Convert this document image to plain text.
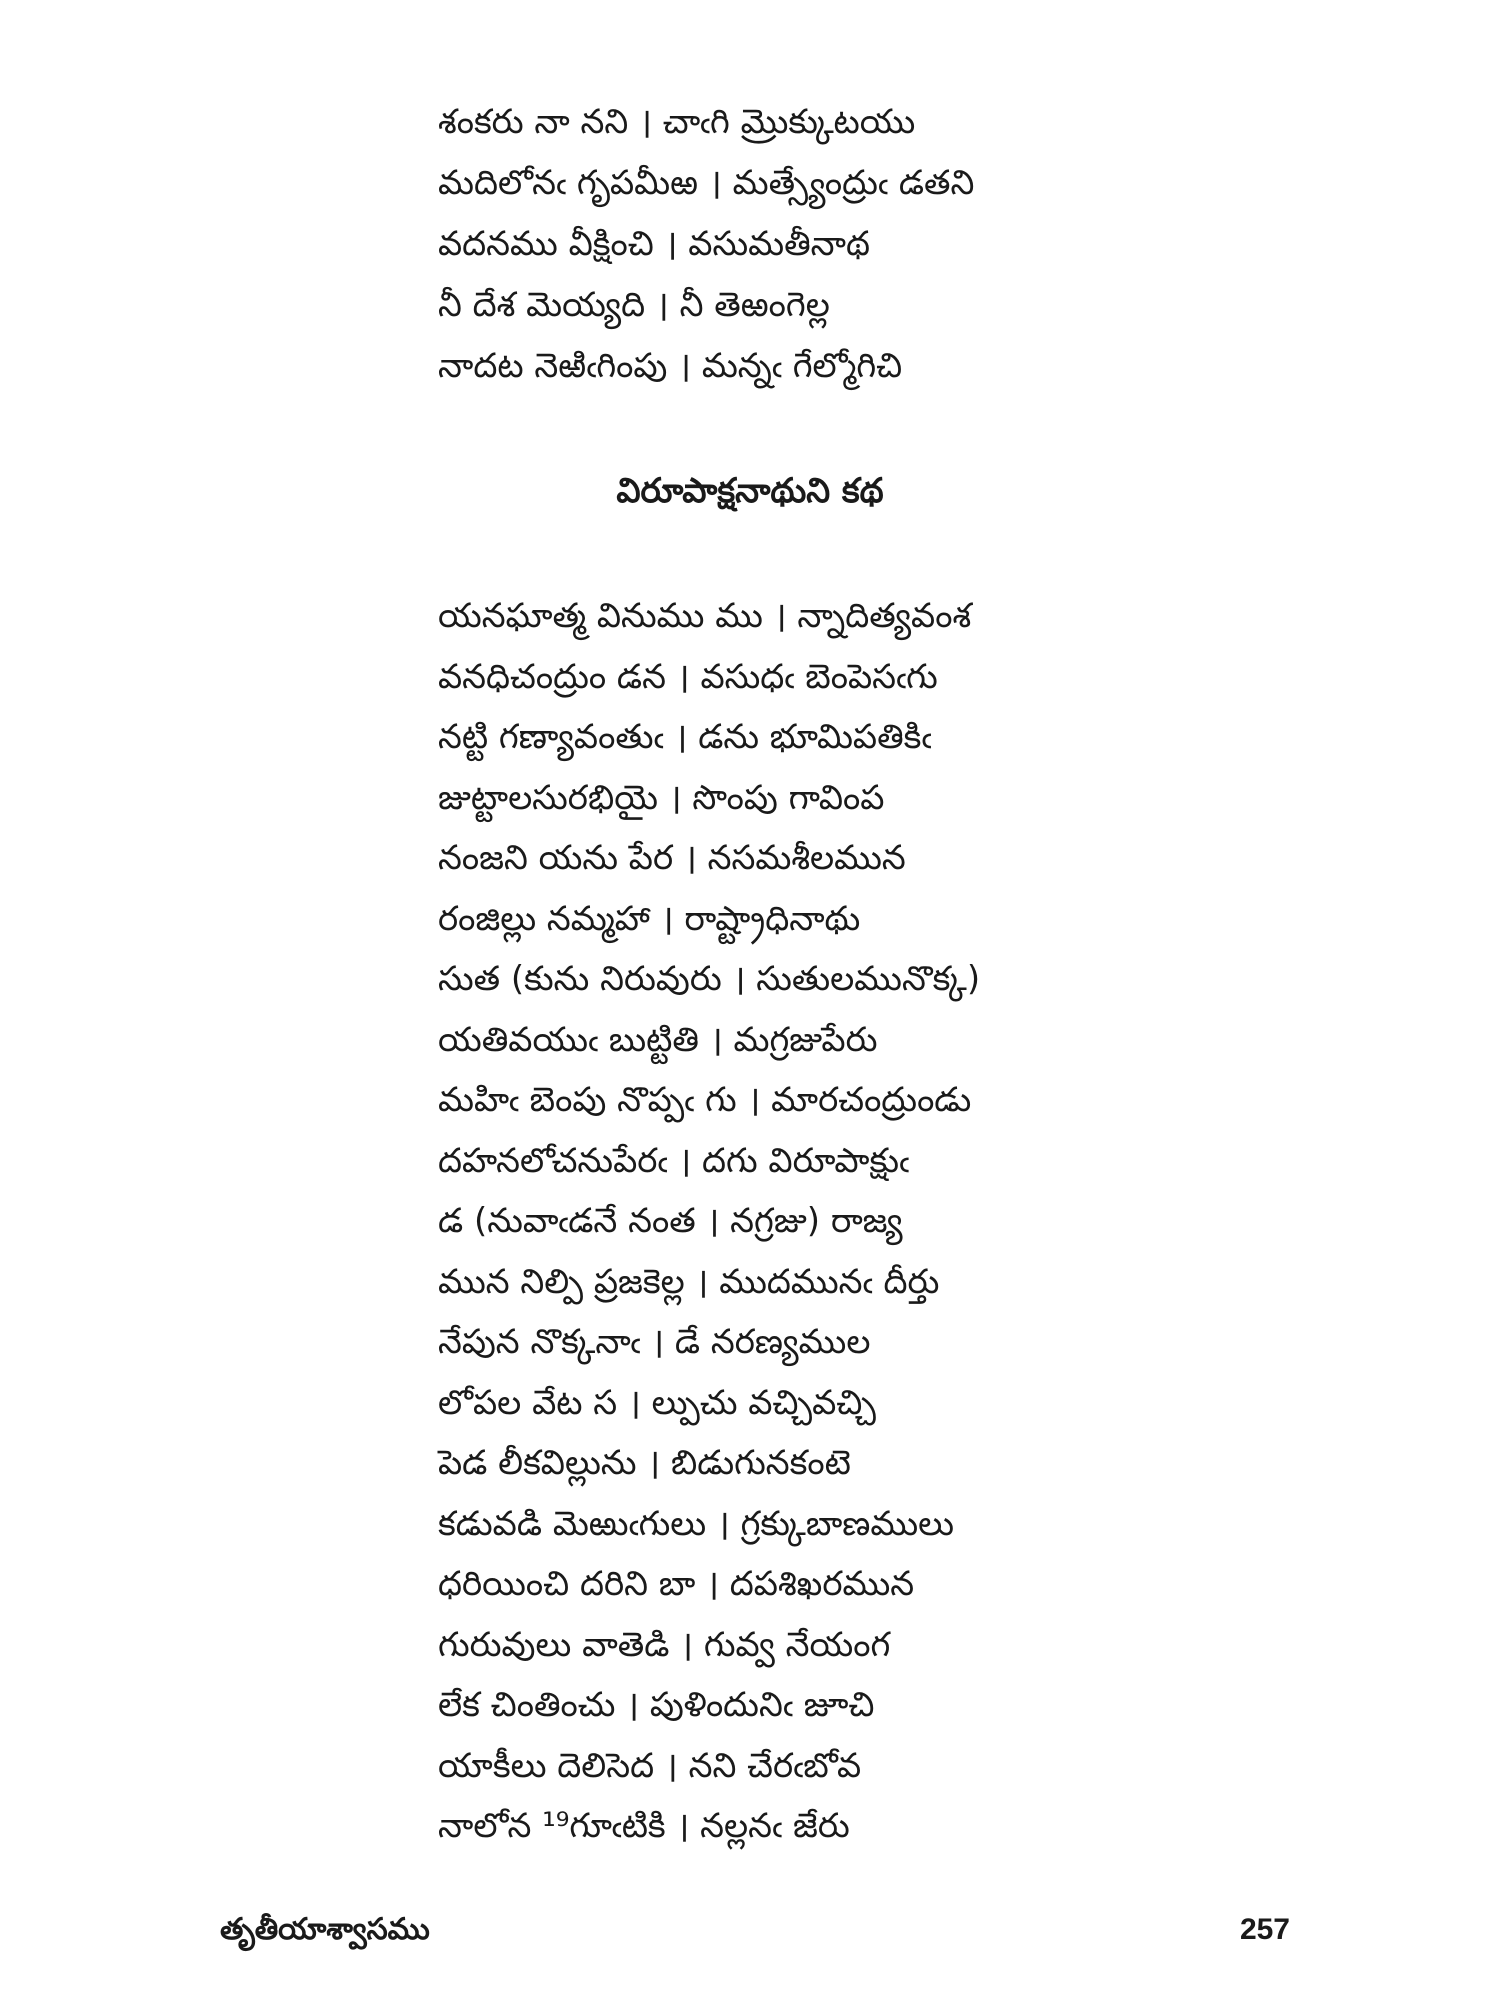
శంకరు నా నని । చాఁగి మ్రొక్కుటయు
మదిలోనఁ గృపమీఱ । మత్స్యేంద్రుఁ డతని
వదనము వీక్షించి । వసుమతీనాథ
నీ దేశ మెయ్యది । నీ తెఱంగెల్ల
నాదట నెఱిఁగింపు । మన్నఁ గేల్మోగిచి
విరూపాక్షనాథుని కథ
యనఘాత్మ వినుము ము । న్నాదిత్యవంశ
వనధిచంద్రుం డన । వసుధఁ బెంపెసఁగు
నట్టి గణ్యావంతుఁ । డను భూమిపతికిఁ
జుట్టాలసురభియై । సొంపు గావింప
నంజని యను పేర । నసమశీలమున
రంజిల్లు నమ్మహా । రాష్ట్రాధినాథు
సుత (కును నిరువురు । సుతులమునొక్క)
యతివయుఁ బుట్టితి । మగ్రజుపేరు
మహిఁ బెంపు నొప్పఁ గు । మారచంద్రుండు
దహనలోచనుపేరఁ । దగు విరూపాక్షుఁ
డ (నువాఁడనే నంత । నగ్రజు) రాజ్య
మున నిల్పి ప్రజకెల్ల । ముదమునఁ దీర్తు
నేపున నొక్కనాఁ । డే నరణ్యముల
లోపల వేట స । ల్పుచు వచ్చివచ్చి
పెడ లీకవిల్లును । బిడుగునకంటె
కడువడి మెఱుఁగులు । గ్రక్కుబాణములు
ధరియించి దరిని బా । దపశిఖరమున
గురువులు వాతెడి । గువ్వ నేయంగ
లేక చింతించు । పుళిందునిఁ జూచి
యాకీలు దెలిసెద । నని చేరఁబోవ
నాలోన ¹⁹గూఁటికి । నల్లనఁ జేరు
తృతీయాశ్వాసము	257
